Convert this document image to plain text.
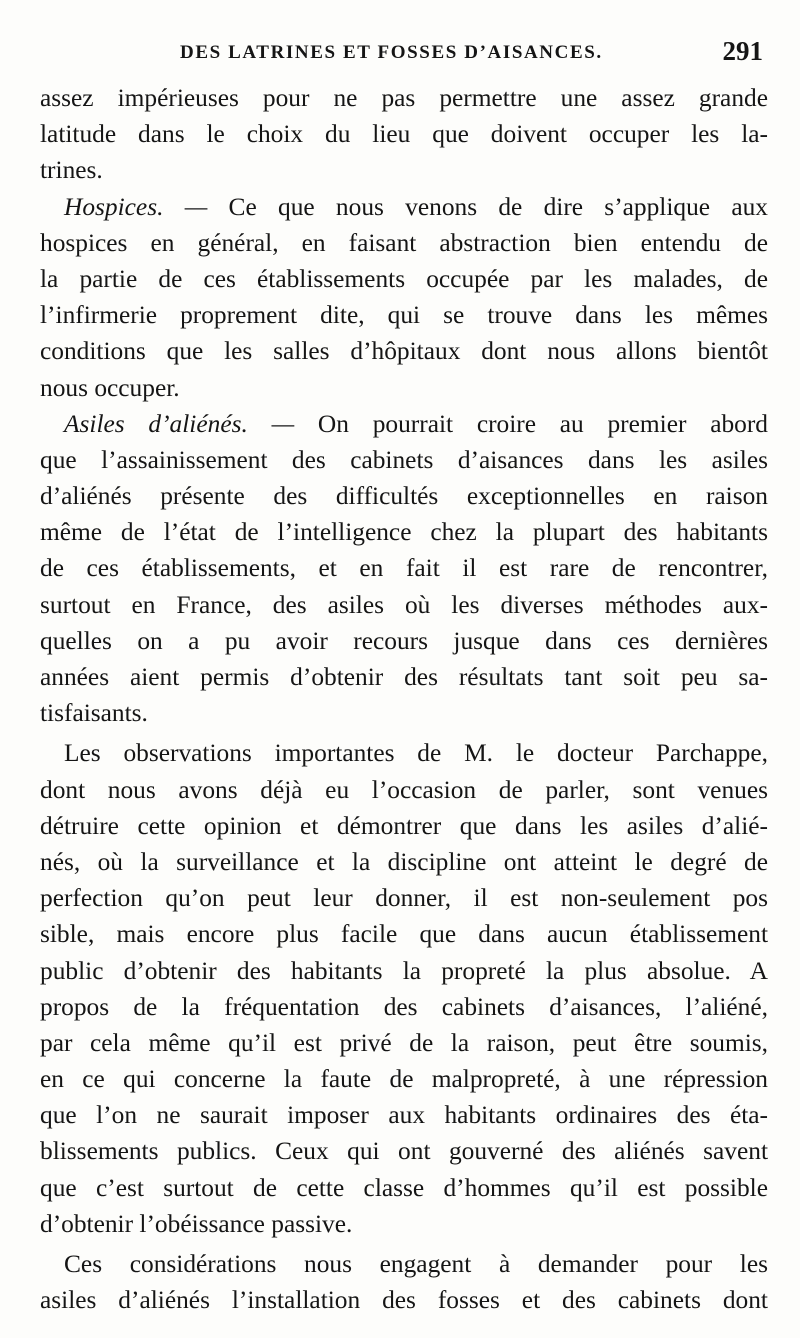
DES LATRINES ET FOSSES D’AISANCES.	291
assez impérieuses pour ne pas permettre une assez grande
latitude dans le choix du lieu que doivent occuper les la-
trines.
Hospices. — Ce que nous venons de dire s’applique aux
hospices en général, en faisant abstraction bien entendu de
la partie de ces établissements occupée par les malades, de
l’infirmerie proprement dite, qui se trouve dans les mêmes
conditions que les salles d’hôpitaux dont nous allons bientôt
nous occuper.
Asiles d’aliénés. — On pourrait croire au premier abord
que l’assainissement des cabinets d’aisances dans les asiles
d’aliénés présente des difficultés exceptionnelles en raison
même de l’état de l’intelligence chez la plupart des habitants
de ces établissements, et en fait il est rare de rencontrer,
surtout en France, des asiles où les diverses méthodes aux-
quelles on a pu avoir recours jusque dans ces dernières
années aient permis d’obtenir des résultats tant soit peu sa-
tisfaisants.
Les observations importantes de M. le docteur Parchappe,
dont nous avons déjà eu l’occasion de parler, sont venues
détruire cette opinion et démontrer que dans les asiles d’alié-
nés, où la surveillance et la discipline ont atteint le degré de
perfection qu’on peut leur donner, il est non-seulement pos
sible, mais encore plus facile que dans aucun établissement
public d’obtenir des habitants la propreté la plus absolue. A
propos de la fréquentation des cabinets d’aisances, l’aliéné,
par cela même qu’il est privé de la raison, peut être soumis,
en ce qui concerne la faute de malpropreté, à une répression
que l’on ne saurait imposer aux habitants ordinaires des éta-
blissements publics. Ceux qui ont gouverné des aliénés savent
que c’est surtout de cette classe d’hommes qu’il est possible
d’obtenir l’obéissance passive.
Ces considérations nous engagent à demander pour les
asiles d’aliénés l’installation des fosses et des cabinets dont
